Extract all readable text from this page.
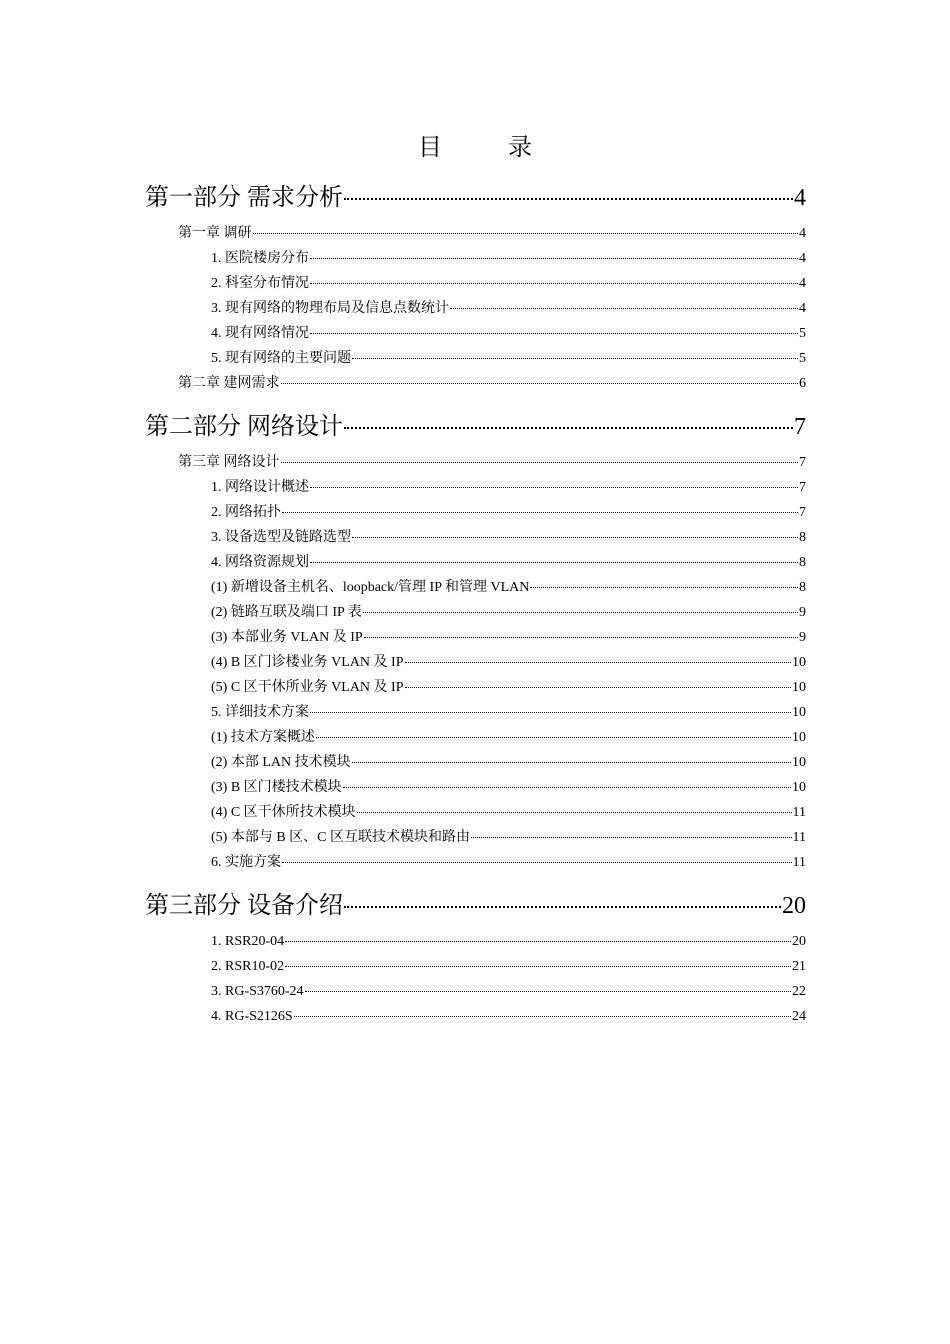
目 录
第一部分 需求分析	4
第一章 调研	4
1. 医院楼房分布	4
2. 科室分布情况	4
3. 现有网络的物理布局及信息点数统计	4
4. 现有网络情况	5
5. 现有网络的主要问题	5
第二章 建网需求	6
第二部分 网络设计	7
第三章 网络设计	7
1. 网络设计概述	7
2. 网络拓扑	7
3. 设备选型及链路选型	8
4. 网络资源规划	8
(1) 新增设备主机名、loopback/管理 IP 和管理 VLAN	8
(2) 链路互联及端口 IP 表	9
(3) 本部业务 VLAN 及 IP	9
(4) B 区门诊楼业务 VLAN 及 IP	10
(5) C 区干休所业务 VLAN 及 IP	10
5. 详细技术方案	10
(1) 技术方案概述	10
(2) 本部 LAN 技术模块	10
(3) B 区门楼技术模块	10
(4) C 区干休所技术模块	11
(5) 本部与 B 区、C 区互联技术模块和路由	11
6. 实施方案	11
第三部分 设备介绍	20
1. RSR20-04	20
2. RSR10-02	21
3. RG-S3760-24	22
4. RG-S2126S	24
